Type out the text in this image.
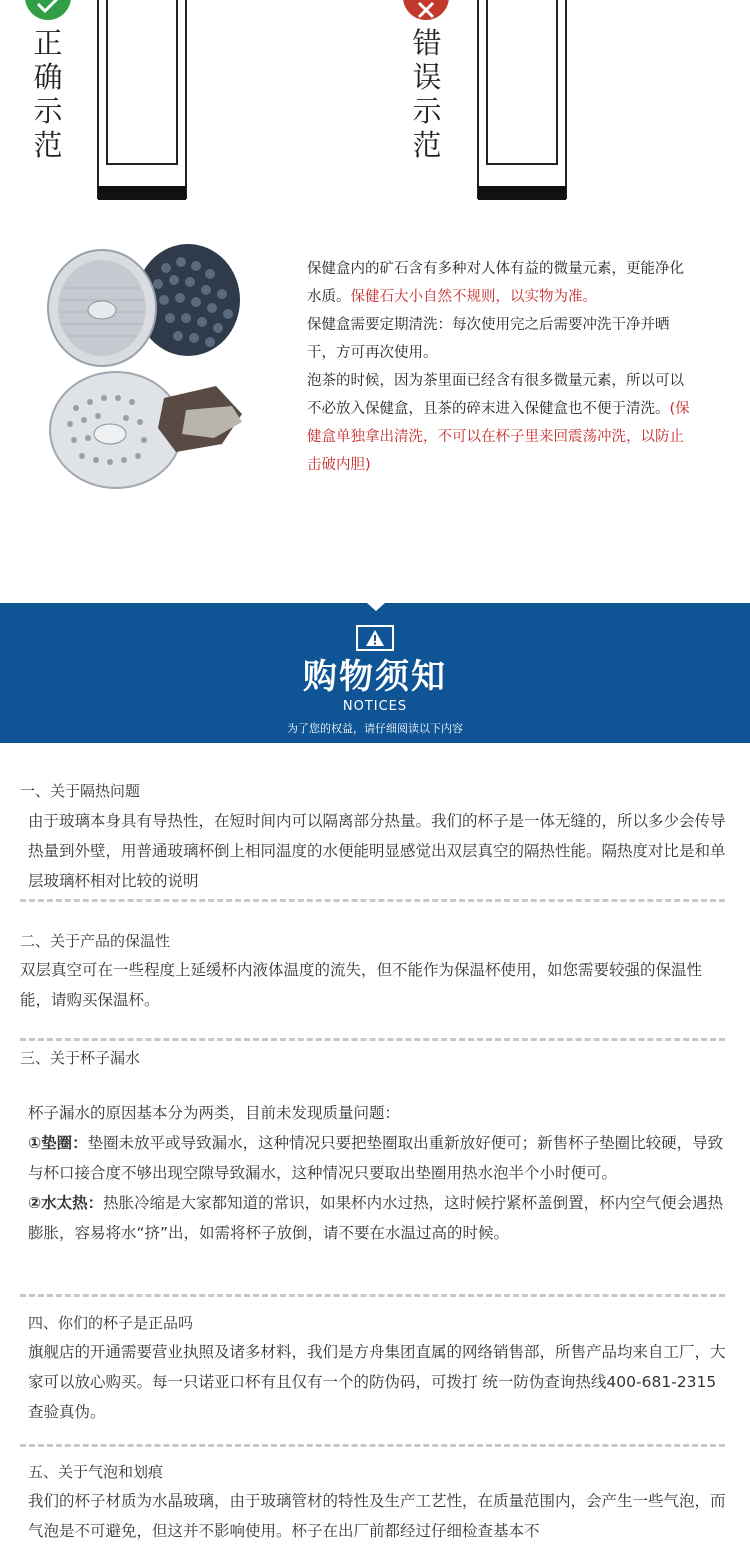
正
确
示
范
错
误
示
范

保健盒内的矿石含有多种对人体有益的微量元素，更能净化水质。保健石大小自然不规则，以实物为准。

保健盒需要定期清洗：每次使用完之后需要冲洗干净并晒干，方可再次使用。

泡茶的时候，因为茶里面已经含有很多微量元素，所以可以不必放入保健盒，且茶的碎末进入保健盒也不便于清洗。(保健盒单独拿出清洗，不可以在杯子里来回震荡冲洗，以防止击破内胆)

购物须知
NOTICES
为了您的权益，请仔细阅读以下内容
一、关于隔热问题

由于玻璃本身具有导热性，在短时间内可以隔离部分热量。我们的杯子是一体无缝的，所以多少会传导热量到外壁，用普通玻璃杯倒上相同温度的水便能明显感觉出双层真空的隔热性能。隔热度对比是和单层玻璃杯相对比较的说明

二、关于产品的保温性
双层真空可在一些程度上延缓杯内液体温度的流失，但不能作为保温杯使用，如您需要较强的保温性能，请购买保温杯。
三、关于杯子漏水

杯子漏水的原因基本分为两类，目前未发现质量问题：

①垫圈：垫圈未放平或导致漏水，这种情况只要把垫圈取出重新放好便可；新售杯子垫圈比较硬，导致与杯口接合度不够出现空隙导致漏水，这种情况只要取出垫圈用热水泡半个小时便可。

②水太热：热胀冷缩是大家都知道的常识，如果杯内水过热，这时候拧紧杯盖倒置，杯内空气便会遇热膨胀，容易将水“挤”出，如需将杯子放倒，请不要在水温过高的时候。

四、你们的杯子是正品吗
旗舰店的开通需要营业执照及诸多材料，我们是方舟集团直属的网络销售部，所售产品均来自工厂，大家可以放心购买。每一只诺亚口杯有且仅有一个的防伪码，可拨打 统一防伪查询热线400-681-2315查验真伪。
五、关于气泡和划痕
我们的杯子材质为水晶玻璃，由于玻璃管材的特性及生产工艺性，在质量范围内，会产生一些气泡，而气泡是不可避免，但这并不影响使用。杯子在出厂前都经过仔细检查基本不
